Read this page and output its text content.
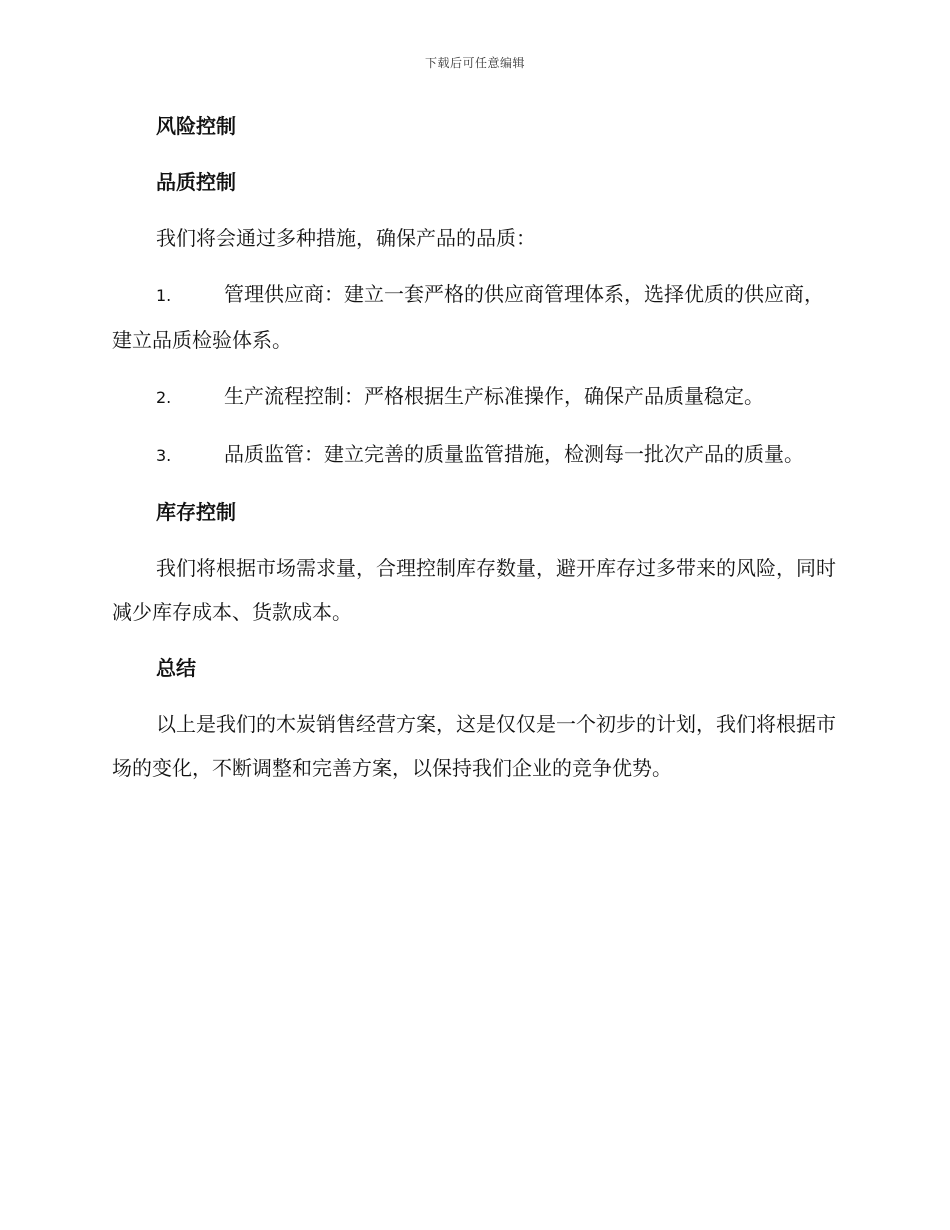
下载后可任意编辑
风险控制
品质控制
我们将会通过多种措施，确保产品的品质：
1.	管理供应商：建立一套严格的供应商管理体系，选择优质的供应商，建立品质检验体系。
2.	生产流程控制：严格根据生产标准操作，确保产品质量稳定。
3.	品质监管：建立完善的质量监管措施，检测每一批次产品的质量。
库存控制
我们将根据市场需求量，合理控制库存数量，避开库存过多带来的风险，同时减少库存成本、货款成本。
总结
以上是我们的木炭销售经营方案，这是仅仅是一个初步的计划，我们将根据市场的变化，不断调整和完善方案，以保持我们企业的竞争优势。
